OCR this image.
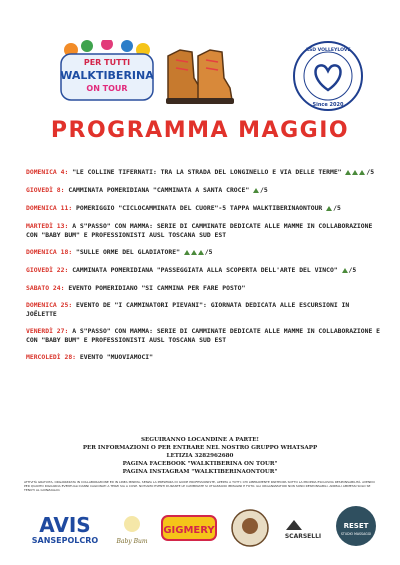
PER TUTTI
WALKTIBERINA
ON TOUR
Since 2020
ASD VOLLEYLOVE
PROGRAMMA MAGGIO
DOMENICA 4: "LE COLLINE TIFERNATI: TRA LA STRADA DEL LONGINELLO E VIA DELLE TERME"	/5
GIOVEDÌ 8: CAMMINATA POMERIDIANA "CAMMINATA A SANTA CROCE" /5
DOMENICA 11: POMERIGGIO "CICLOCAMMINATA DEL CUORE"-5 TAPPA WALKTIBERINAONTOUR /5
MARTEDÌ 13: A S"PASSO" CON MAMMA: SERIE DI CAMMINATE DEDICATE ALLE MAMME IN COLLABORAZIONE CON "BABY BUM" E PROFESSIONISTI AUSL TOSCANA SUD EST
DOMENICA 18: "SULLE ORME DEL GLADIATORE"	/5
GIOVEDÌ 22: CAMMINATA POMERIDIANA "PASSEGGIATA ALLA SCOPERTA DELL'ARTE DEL VINCO" /5
SABATO 24: EVENTO POMERIDIANO "SI CAMMINA PER FARE POSTO"
DOMENICA 25: EVENTO DE "I CAMMINATORI PIEVANI": GIORNATA DEDICATA ALLE ESCURSIONI IN JOËLETTE
VENERDÌ 27: A S"PASSO" CON MAMMA: SERIE DI CAMMINATE DEDICATE ALLE MAMME IN COLLABORAZIONE E CON "BABY BUM" E PROFESSIONISTI AUSL TOSCANA SUD EST
MERCOLEDÌ 28: EVENTO "MUOVIAMOCI"
SEGUIRANNO LOCANDINE A PARTE!
PER INFORMAZIONI O PER ENTRARE NEL NOSTRO GRUPPO WHATSAPP
LETIZIA 3282962680
PAGINA FACEBOOK "WALKTIBERINA ON TOUR"
PAGINA INSTAGRAM "WALKTIBERINAONTOUR"
ATTIVITÀ GRATUITA, ORGANIZZATA IN COLLABORAZIONE ED IN LINEA MINIMA, SENZA LA PRESENZA DI GUIDE PROFESSIONISTE, APERTA A TUTTI; CHI LIBERAMENTE PARTECIPA SOTTO LA PROPRIA ESCLUSIVA RESPONSABILITÀ. AVENDO PER QUANTO RIGUARDA EVENTUALI DANNI CAGIONATI A TERZI SIA A COSE. NOTIAMO EVENTI DURANTE LE CAMMINATE SI UTILIZZANO IMMAGINI E FOTO. GLI ORGANIZZATORI NON SONO RESPONSABILI. ANIMALI AMMESSI SOLO SE TENUTI AL GUINZAGLIO.
AVIS
SANSEPOLCRO	Baby Bum
GIGMERY
SCARSELLI
RESET
STUDIO MASSAGGI
